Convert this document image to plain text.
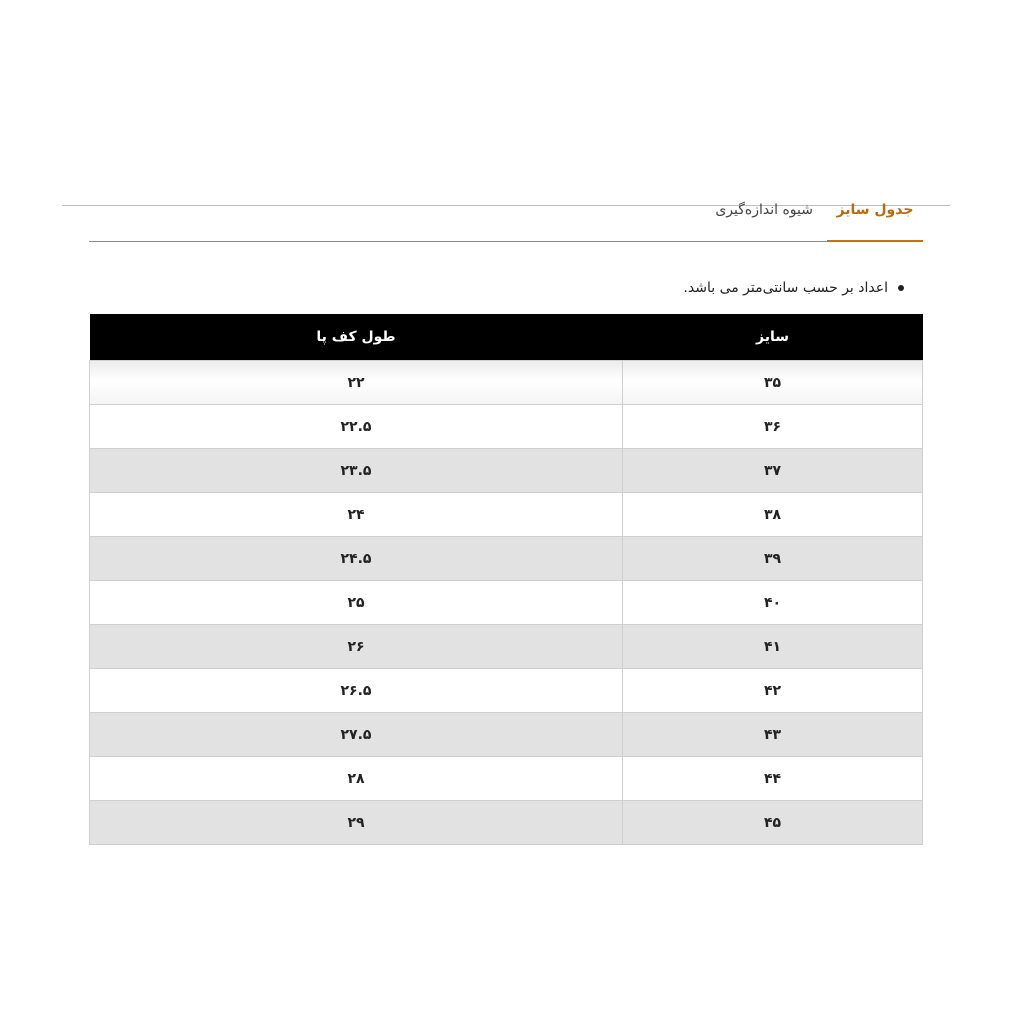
جدول سایز
شیوه اندازه‌گیری
اعداد بر حسب سانتی‌متر می باشد.
سایز	طول کف پا
۳۵	۲۲
۳۶	۲۲.۵
۳۷	۲۳.۵
۳۸	۲۴
۳۹	۲۴.۵
۴۰	۲۵
۴۱	۲۶
۴۲	۲۶.۵
۴۳	۲۷.۵
۴۴	۲۸
۴۵	۲۹
